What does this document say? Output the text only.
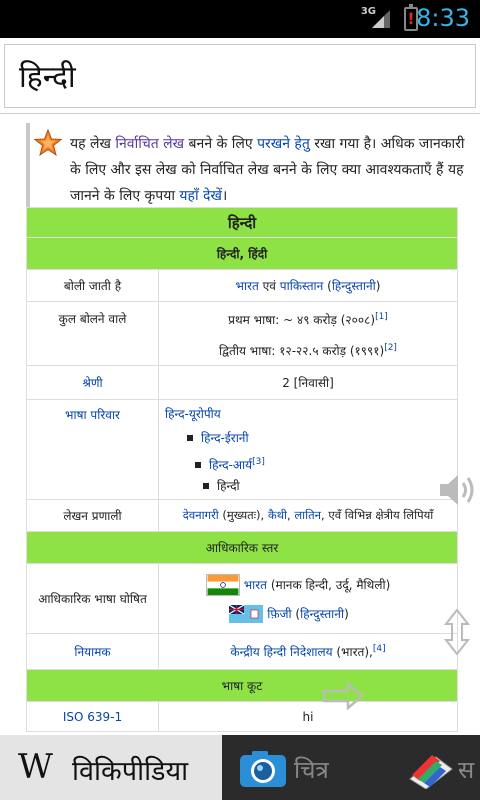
3G ! 8:33
हिन्दी
यह लेख निर्वाचित लेख बनने के लिए परखने हेतु रखा गया है। अधिक जानकारी के लिए और इस लेख को निर्वाचित लेख बनने के लिए क्या आवश्यकताएँ हैं यह जानने के लिए कृपया यहाँ देखें।
हिन्दी	
हिन्दी, हिंदी	
बोली जाती है	भारत एवं पाकिस्तान (हिन्दुस्तानी)
कुल बोलने वाले	प्रथम भाषा: ~ ४९ करोड़ (२००८)[1]
द्वितीय भाषा: १२-२२.५ करोड़ (१९९१)[2]

श्रेणी	2 [निवासी]
भाषा परिवार	हिन्द-यूरोपीय
हिन्द-ईरानी
हिन्द-आर्य[3]
हिन्दी

लेखन प्रणाली	देवनागरी (मुख्यतः), कैथी, लातिन, एवँ विभिन्न क्षेत्रीय लिपियाँ
आधिकारिक स्तर	
आधिकारिक भाषा घोषित	भारत (मानक हिन्दी, उर्दू, मैथिली)
फ़िजी (हिन्दुस्तानी)

नियामक	केन्द्रीय हिन्दी निदेशालय (भारत),[4]
भाषा कूट	
ISO 639-1	hi
W विकिपीडिया	चित्र	स
